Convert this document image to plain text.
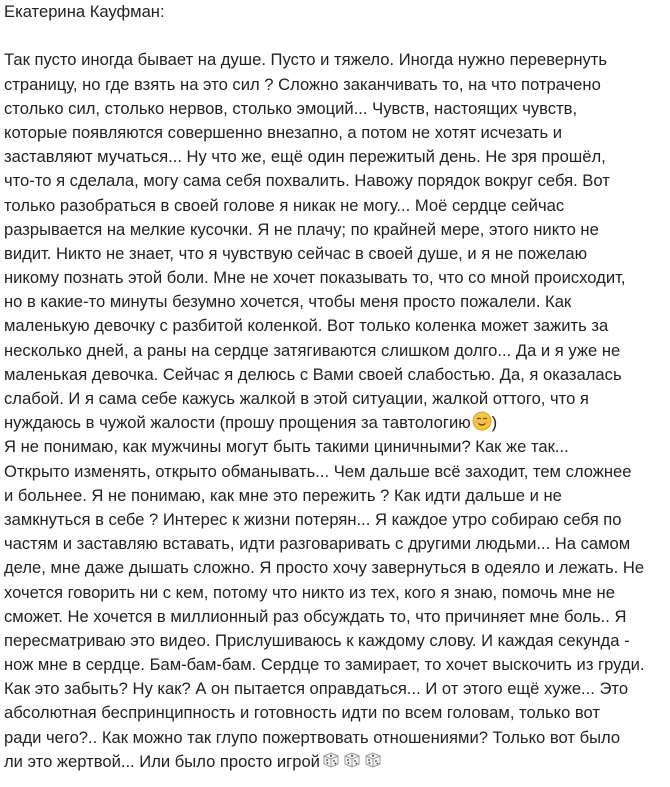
Екатерина Кауфман:
Так пусто иногда бывает на душе. Пусто и тяжело. Иногда нужно перевернуть
страницу, но где взять на это сил ? Сложно заканчивать то, на что потрачено
столько сил, столько нервов, столько эмоций... Чувств, настоящих чувств,
которые появляются совершенно внезапно, а потом не хотят исчезать и
заставляют мучаться... Ну что же, ещё один пережитый день. Не зря прошёл,
что-то я сделала, могу сама себя похвалить. Навожу порядок вокруг себя. Вот
только разобраться в своей голове я никак не могу... Моё сердце сейчас
разрывается на мелкие кусочки. Я не плачу; по крайней мере, этого никто не
видит. Никто не знает, что я чувствую сейчас в своей душе, и я не пожелаю
никому познать этой боли. Мне не хочет показывать то, что со мной происходит,
но в какие-то минуты безумно хочется, чтобы меня просто пожалели. Как
маленькую девочку с разбитой коленкой. Вот только коленка может зажить за
несколько дней, а раны на сердце затягиваются слишком долго... Да и я уже не
маленькая девочка. Сейчас я делюсь с Вами своей слабостью. Да, я оказалась
слабой. И я сама себе кажусь жалкой в этой ситуации, жалкой оттого, что я
нуждаюсь в чужой жалости (прошу прощения за тавтологию )
Я не понимаю, как мужчины могут быть такими циничными? Как же так...
Открыто изменять, открыто обманывать... Чем дальше всё заходит, тем сложнее
и больнее. Я не понимаю, как мне это пережить ? Как идти дальше и не
замкнуться в себе ? Интерес к жизни потерян... Я каждое утро собираю себя по
частям и заставляю вставать, идти разговаривать с другими людьми... На самом
деле, мне даже дышать сложно. Я просто хочу завернуться в одеяло и лежать. Не
хочется говорить ни с кем, потому что никто из тех, кого я знаю, помочь мне не
сможет. Не хочется в миллионный раз обсуждать то, что причиняет мне боль.. Я
пересматриваю это видео. Прислушиваюсь к каждому слову. И каждая секунда -
нож мне в сердце. Бам-бам-бам. Сердце то замирает, то хочет выскочить из груди.
Как это забыть? Ну как? А он пытается оправдаться... И от этого ещё хуже... Это
абсолютная беспринципность и готовность идти по всем головам, только вот
ради чего?.. Как можно так глупо пожертвовать отношениями? Только вот было
ли это жертвой... Или было просто игрой
